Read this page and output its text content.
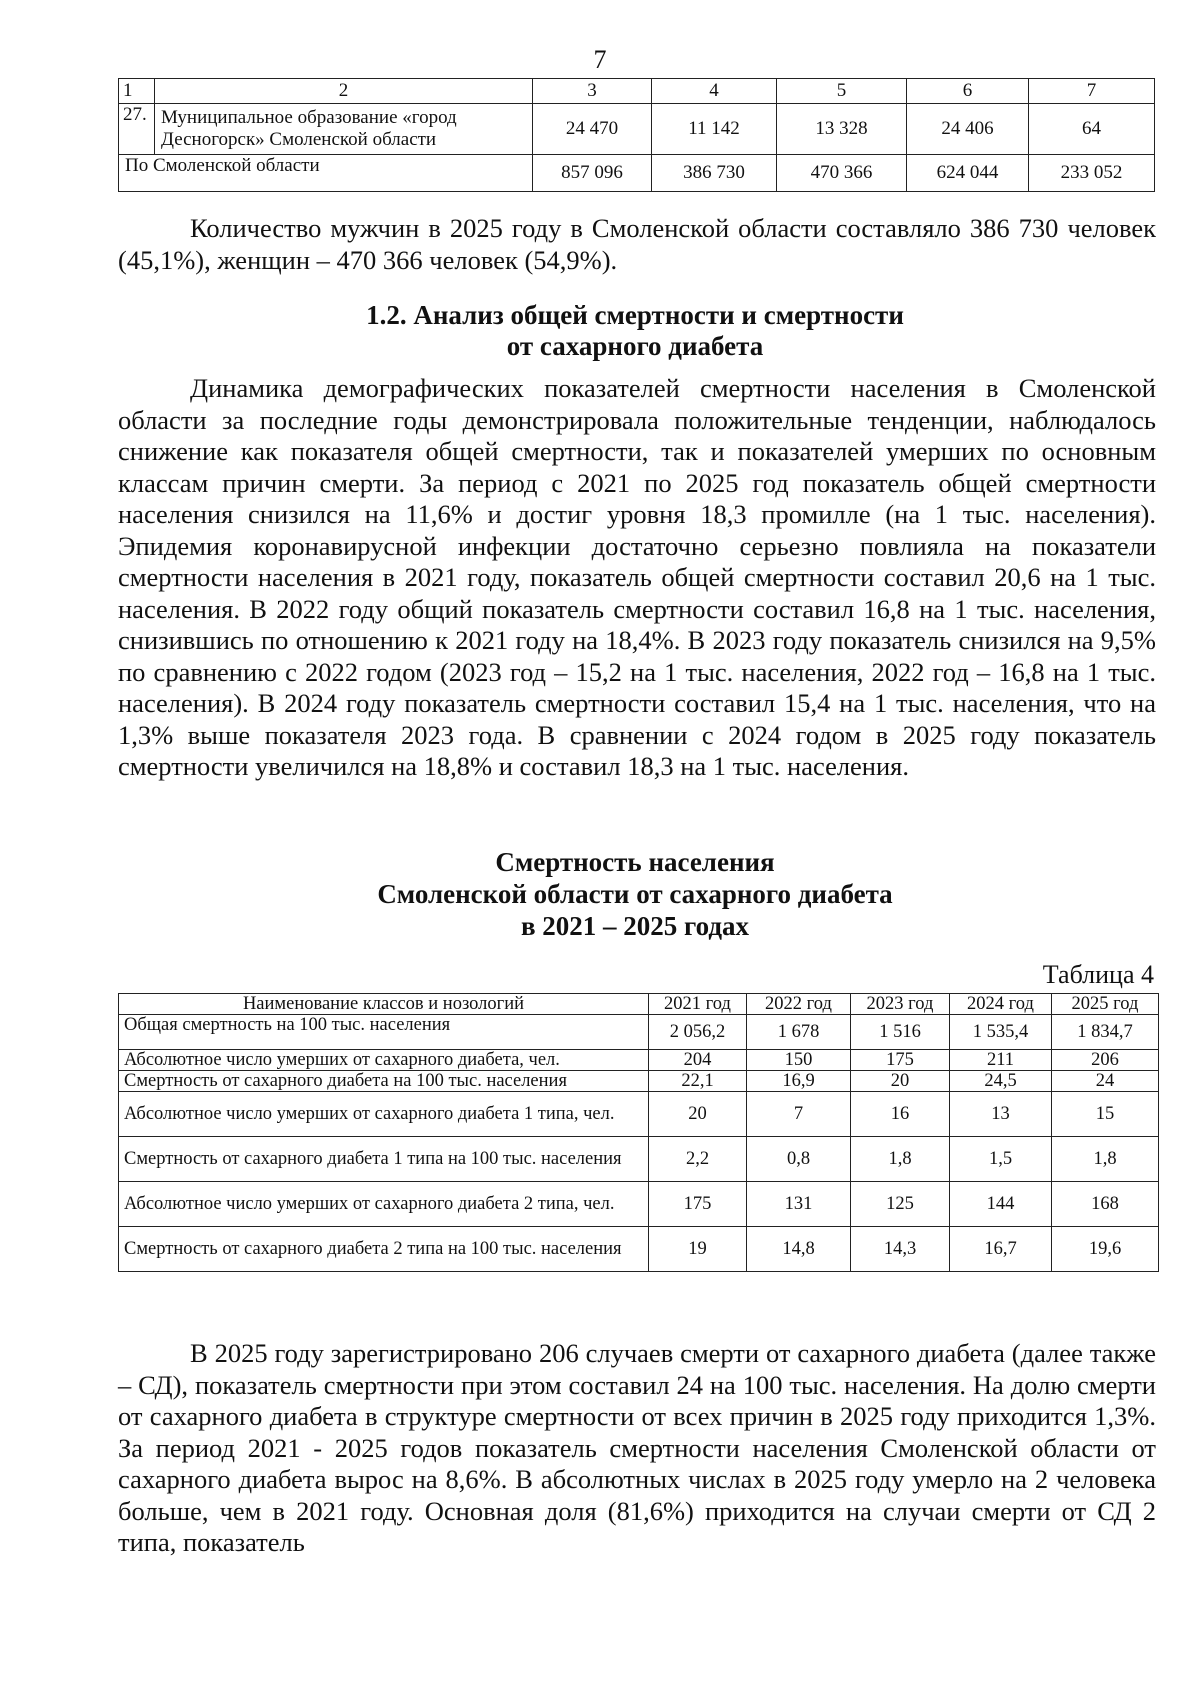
7
1	2	3	4	5	6	7
27.	Муниципальное образование «город
Десногорск» Смоленской области	24 470	11 142	13 328	24 406	64
По Смоленской области		857 096	386 730	470 366	624 044	233 052

Количество мужчин в 2025 году в Смоленской области составляло 386 730 человек (45,1%), женщин – 470 366 человек (54,9%).

1.2. Анализ общей смертности и смертности
от сахарного диабета

Динамика демографических показателей смертности населения в Смоленской области за последние годы демонстрировала положительные тенденции, наблюдалось снижение как показателя общей смертности, так и показателей умерших по основным классам причин смерти. За период с 2021 по 2025 год показатель общей смертности населения снизился на 11,6% и достиг уровня 18,3 промилле (на 1 тыс. населения). Эпидемия коронавирусной инфекции достаточно серьезно повлияла на показатели смертности населения в 2021 году, показатель общей смертности составил 20,6 на 1 тыс. населения. В 2022 году общий показатель смертности составил 16,8 на 1 тыс. населения, снизившись по отношению к 2021 году на 18,4%. В 2023 году показатель снизился на 9,5% по сравнению с 2022 годом (2023 год – 15,2 на 1 тыс. населения, 2022 год – 16,8 на 1 тыс. населения). В 2024 году показатель смертности составил 15,4 на 1 тыс. населения, что на 1,3% выше показателя 2023 года. В сравнении с 2024 годом в 2025 году показатель смертности увеличился на 18,8% и составил 18,3 на 1 тыс. населения.

Смертность населения
Смоленской области от сахарного диабета
в 2021 – 2025 годах
Таблица 4
Наименование классов и нозологий	2021 год	2022 год	2023 год	2024 год	2025 год
Общая смертность на 100 тыс. населения	2 056,2	1 678	1 516	1 535,4	1 834,7
Абсолютное число умерших от сахарного диабета, чел.	204	150	175	211	206
Смертность от сахарного диабета на 100 тыс. населения	22,1	16,9	20	24,5	24
Абсолютное число умерших от сахарного диабета 1 типа, чел.	20	7	16	13	15
Смертность от сахарного диабета 1 типа на 100 тыс. населения	2,2	0,8	1,8	1,5	1,8
Абсолютное число умерших от сахарного диабета 2 типа, чел.	175	131	125	144	168
Смертность от сахарного диабета 2 типа на 100 тыс. населения	19	14,8	14,3	16,7	19,6

В 2025 году зарегистрировано 206 случаев смерти от сахарного диабета (далее также – СД), показатель смертности при этом составил 24 на 100 тыс. населения. На долю смерти от сахарного диабета в структуре смертности от всех причин в 2025 году приходится 1,3%. За период 2021 - 2025 годов показатель смертности населения Смоленской области от сахарного диабета вырос на 8,6%. В абсолютных числах в 2025 году умерло на 2 человека больше, чем в 2021 году. Основная доля (81,6%) приходится на случаи смерти от СД 2 типа, показатель
